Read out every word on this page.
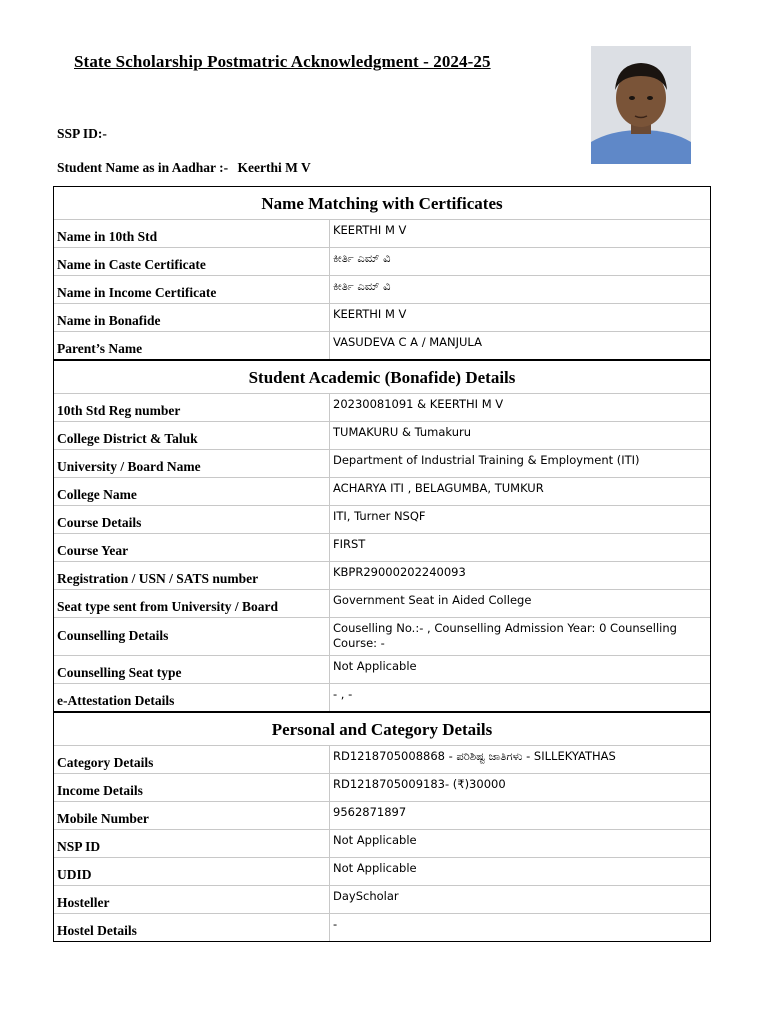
State Scholarship Postmatric Acknowledgment - 2024-25
SSP ID:-
Student Name as in Aadhar :- Keerthi M V
Name Matching with Certificates
Name in 10th Std	KEERTHI M V
Name in Caste Certificate	ಕೀರ್ತಿ ಎಮ್ ವಿ
Name in Income Certificate	ಕೀರ್ತಿ ಎಮ್ ವಿ
Name in Bonafide	KEERTHI M V
Parent’s Name	VASUDEVA C A / MANJULA
Student Academic (Bonafide) Details
10th Std Reg number	20230081091 & KEERTHI M V
College District & Taluk	TUMAKURU & Tumakuru
University / Board Name	Department of Industrial Training & Employment (ITI)
College Name	ACHARYA ITI , BELAGUMBA, TUMKUR
Course Details	ITI, Turner NSQF
Course Year	FIRST
Registration / USN / SATS number	KBPR29000202240093
Seat type sent from University / Board	Government Seat in Aided College
Counselling Details	Couselling No.:- , Counselling Admission Year: 0 Counselling Course: -
Counselling Seat type	Not Applicable
e-Attestation Details	- , -
Personal and Category Details
Category Details	RD1218705008868 - ಪರಿಶಿಷ್ಟ ಜಾತಿಗಳು - SILLEKYATHAS
Income Details	RD1218705009183- (₹)30000
Mobile Number	9562871897
NSP ID	Not Applicable
UDID	Not Applicable
Hosteller	DayScholar
Hostel Details	-
